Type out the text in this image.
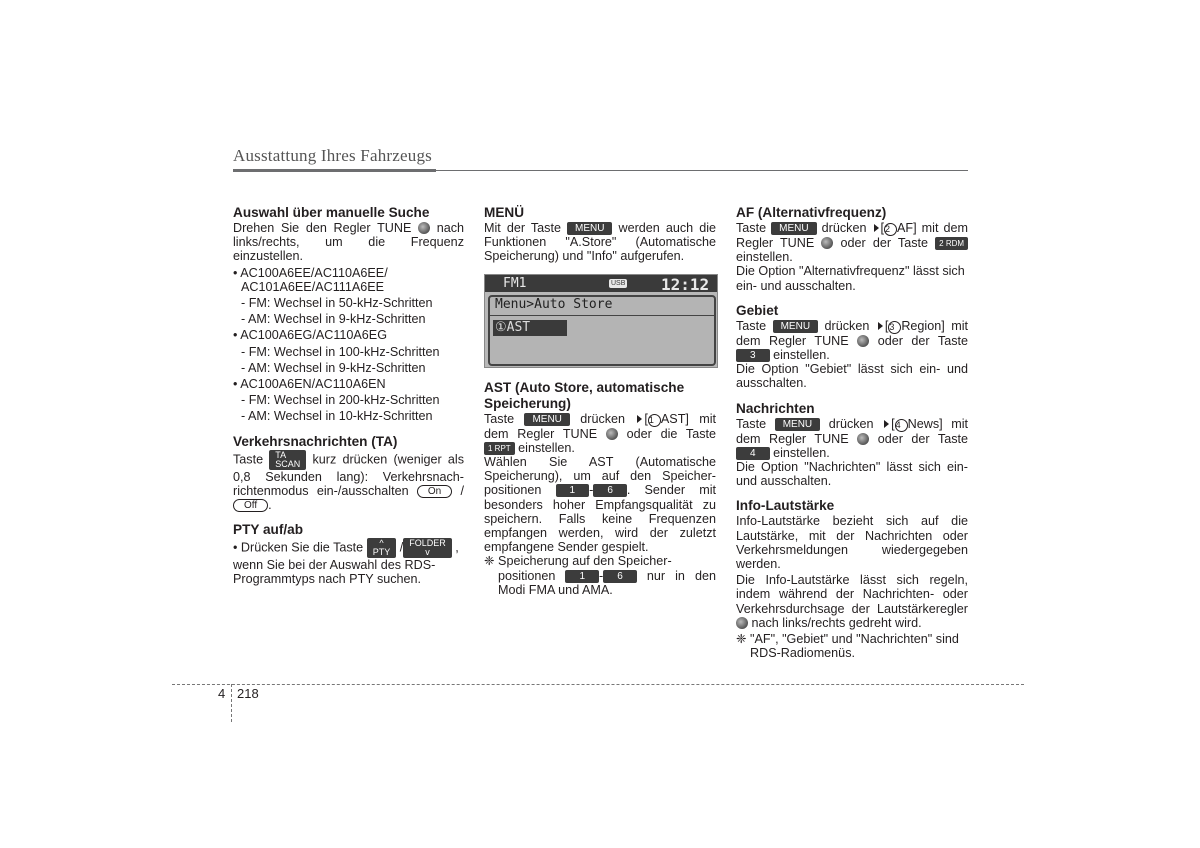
Ausstattung Ihres Fahrzeugs

Auswahl über manuelle Suche

Drehen Sie den Regler TUNE nach links/rechts, um die Frequenz einzustellen.

• AC100A6EE/AC110A6EE/

AC101A6EE/AC111A6EE

- FM: Wechsel in 50-kHz-Schritten

- AM: Wechsel in 9-kHz-Schritten

• AC100A6EG/AC110A6EG

- FM: Wechsel in 100-kHz-Schritten

- AM: Wechsel in 9-kHz-Schritten

• AC100A6EN/AC110A6EN

- FM: Wechsel in 200-kHz-Schritten

- AM: Wechsel in 10-kHz-Schritten

Verkehrsnachrichten (TA)

Taste TA
SCAN kurz drücken (weniger als 0,8 Sekunden lang): Verkehrsnach-richtenmodus ein-/ausschalten On /Off .

PTY auf/ab

• Drücken Sie die Taste ^
PTY / FOLDER
v , wenn Sie bei der Auswahl des RDS-Programmtyps nach PTY suchen.

MENÜ

Mit der Taste MENU werden auch die Funktionen "A.Store" (Automatische Speicherung) und "Info" aufgerufen.

AST (Auto Store, automatische Speicherung)

Taste MENU drücken [1 AST] mit dem Regler TUNE oder die Taste 1 RPT einstellen.

Wählen Sie AST (Automatische Speicherung), um auf den Speicher-positionen	1 - 6 . Sender mit besonders hoher Empfangsqualität zu speichern. Falls keine Frequenzen empfangen werden, wird der zuletzt empfangene Sender gespielt.

❈ Speicherung auf den Speicher-

positionen 1 - 6 nur in den Modi FMA und AMA.

FM1	USB 12:12
Menu>Auto Store
①AST

AF (Alternativfrequenz)

Taste MENU drücken [2 AF] mit dem Regler TUNE oder der Taste 2 RDM einstellen.

Die Option "Alternativfrequenz" lässt sich ein- und ausschalten.

Gebiet

Taste MENU drücken [3 Region] mit dem Regler TUNE oder der Taste 3 einstellen.

Die Option "Gebiet" lässt sich ein- und ausschalten.

Nachrichten

Taste MENU drücken [4 News] mit dem Regler TUNE oder der Taste 4 einstellen.

Die Option "Nachrichten" lässt sich ein- und ausschalten.

Info-Lautstärke

Info-Lautstärke bezieht sich auf die Lautstärke, mit der Nachrichten oder Verkehrsmeldungen wiedergegeben werden.

Die Info-Lautstärke lässt sich regeln, indem während der Nachrichten- oder Verkehrsdurchsage der Lautstärkeregler  nach links/rechts gedreht wird.

❈ "AF", "Gebiet" und "Nachrichten" sind

RDS-Radiomenüs.

4 218
